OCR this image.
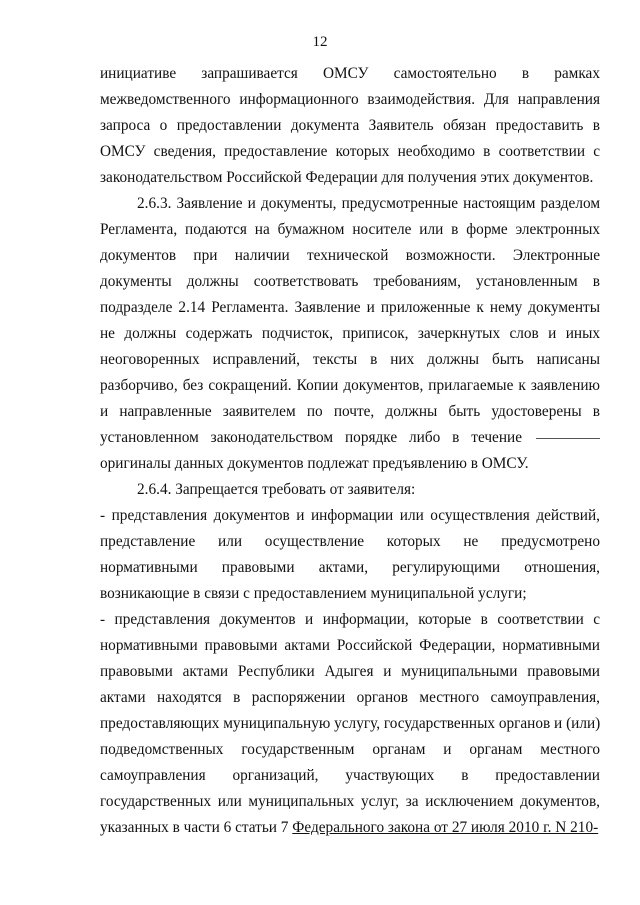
12
инициативе запрашивается ОМСУ самостоятельно в рамках
межведомственного информационного взаимодействия. Для направления
запроса о предоставлении документа Заявитель обязан предоставить в
ОМСУ сведения, предоставление которых необходимо в соответствии с
законодательством Российской Федерации для получения этих документов.
2.6.3. Заявление и документы, предусмотренные настоящим разделом
Регламента, подаются на бумажном носителе или в форме электронных
документов при наличии технической возможности. Электронные
документы должны соответствовать требованиям, установленным в
подразделе 2.14 Регламента. Заявление и приложенные к нему документы
не должны содержать подчисток, приписок, зачеркнутых слов и иных
неоговоренных исправлений, тексты в них должны быть написаны
разборчиво, без сокращений. Копии документов, прилагаемые к заявлению
и направленные заявителем по почте, должны быть удостоверены в
установленном законодательством порядке либо в течение
оригиналы данных документов подлежат предъявлению в ОМСУ.
2.6.4. Запрещается требовать от заявителя:
- представления документов и информации или осуществления действий,
представление или осуществление которых не предусмотрено
нормативными правовыми актами, регулирующими отношения,
возникающие в связи с предоставлением муниципальной услуги;
- представления документов и информации, которые в соответствии с
нормативными правовыми актами Российской Федерации, нормативными
правовыми актами Республики Адыгея и муниципальными правовыми
актами находятся в распоряжении органов местного самоуправления,
предоставляющих муниципальную услугу, государственных органов и (или)
подведомственных государственным органам и органам местного
самоуправления организаций, участвующих в предоставлении
государственных или муниципальных услуг, за исключением документов,
указанных в части 6 статьи 7 Федерального закона от 27 июля 2010 г. N 210-
